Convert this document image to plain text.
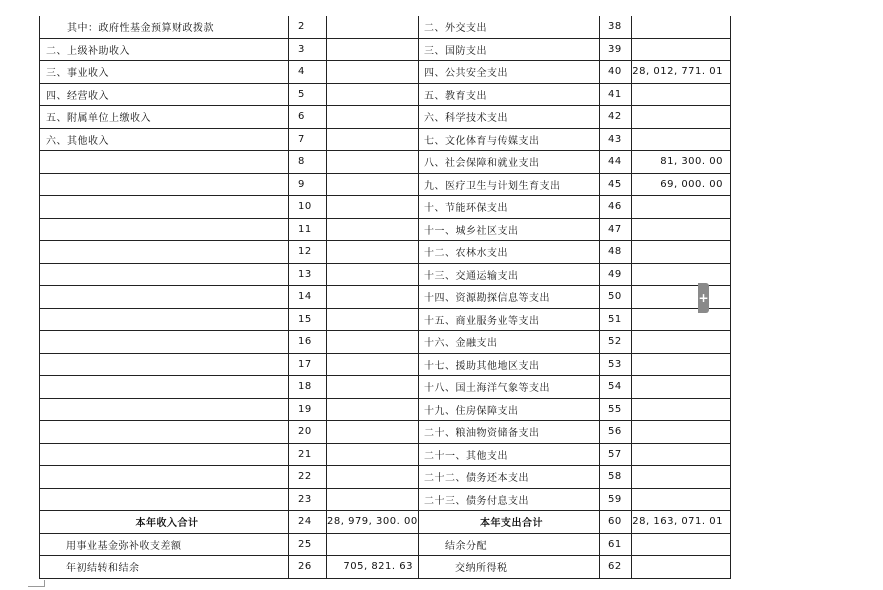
其中：政府性基金预算财政拨款	2		二、外交支出	38	
二、上级补助收入	3		三、国防支出	39	
三、事业收入	4		四、公共安全支出	40	28, 012, 771. 01
四、经营收入	5		五、教育支出	41	
五、附属单位上缴收入	6		六、科学技术支出	42	
六、其他收入	7		七、文化体育与传媒支出	43	
	8		八、社会保障和就业支出	44	81, 300. 00
	9		九、医疗卫生与计划生育支出	45	69, 000. 00
	10		十、节能环保支出	46	
	11		十一、城乡社区支出	47	
	12		十二、农林水支出	48	
	13		十三、交通运输支出	49	
	14		十四、资源勘探信息等支出	50	
	15		十五、商业服务业等支出	51	
	16		十六、金融支出	52	
	17		十七、援助其他地区支出	53	
	18		十八、国土海洋气象等支出	54	
	19		十九、住房保障支出	55	
	20		二十、粮油物资储备支出	56	
	21		二十一、其他支出	57	
	22		二十二、债务还本支出	58	
	23		二十三、债务付息支出	59	
本年收入合计	24	28, 979, 300. 00	本年支出合计	60	28, 163, 071. 01
用事业基金弥补收支差额	25		结余分配	61	
年初结转和结余	26	705, 821. 63	交纳所得税	62	
+
